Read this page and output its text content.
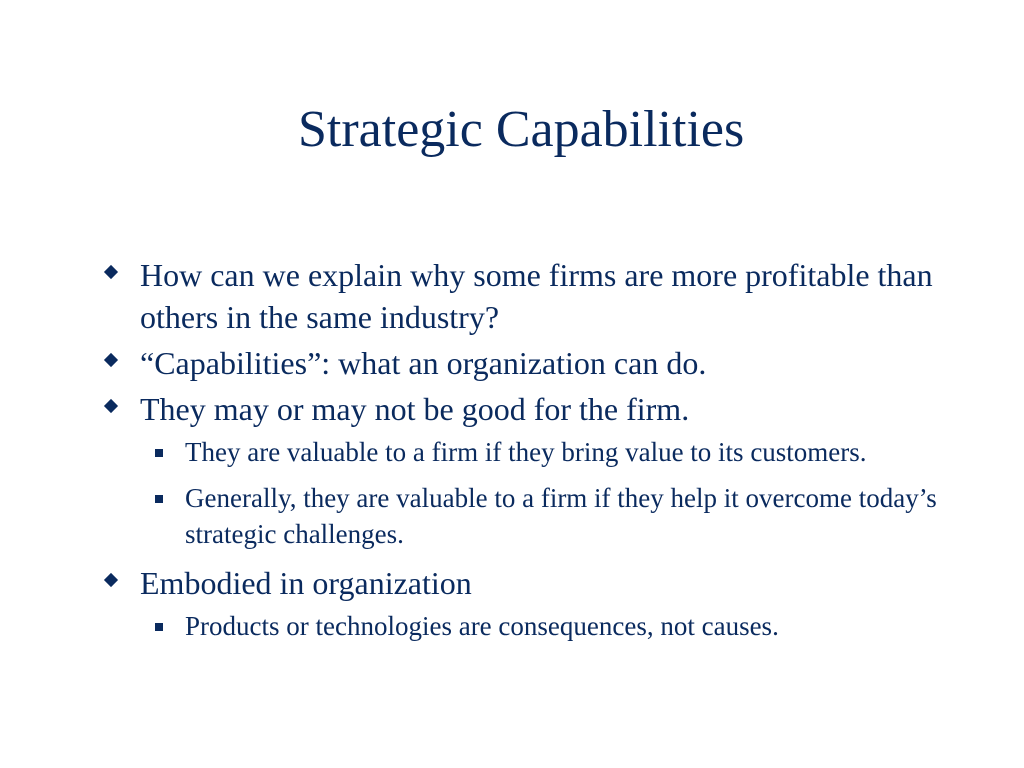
Strategic Capabilities
How can we explain why some firms are more profitable than others in the same industry?
“Capabilities”: what an organization can do.
They may or may not be good for the firm.
They are valuable to a firm if they bring value to its customers.
Generally, they are valuable to a firm if they help it overcome today’s strategic challenges.
Embodied in organization
Products or technologies are consequences, not causes.
